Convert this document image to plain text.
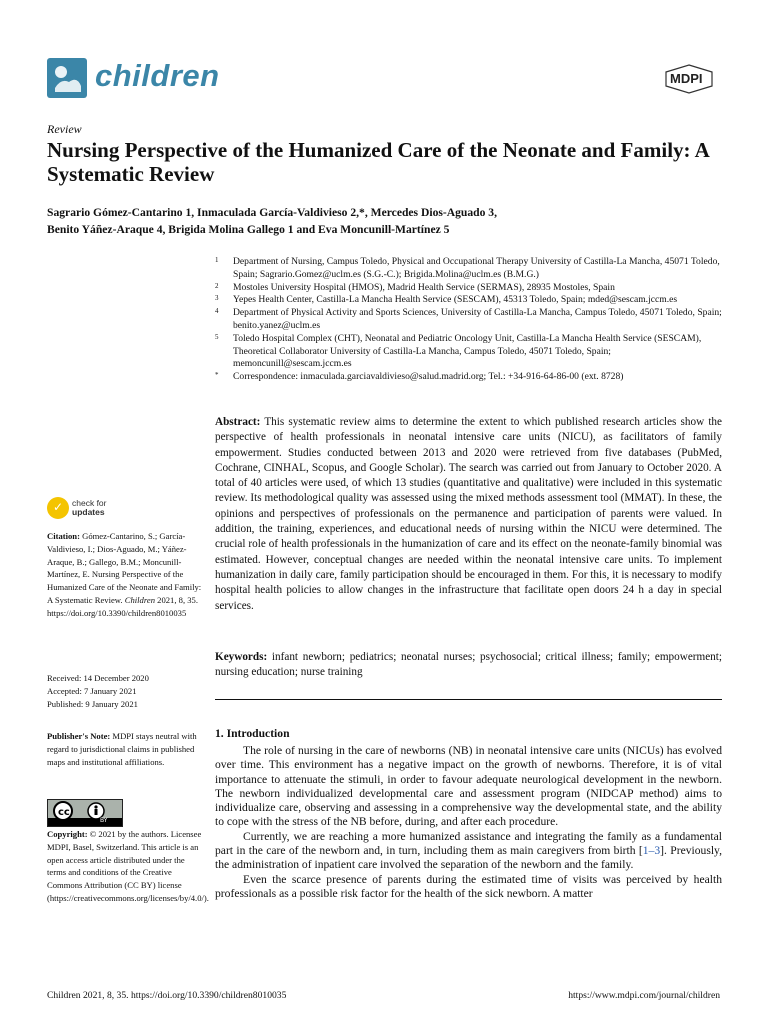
children	MDPI
Review
Nursing Perspective of the Humanized Care of the Neonate and Family: A Systematic Review
Sagrario Gómez-Cantarino 1, Inmaculada García-Valdivieso 2,*, Mercedes Dios-Aguado 3,
Benito Yáñez-Araque 4, Brigida Molina Gallego 1 and Eva Moncunill-Martínez 5
1 Department of Nursing, Campus Toledo, Physical and Occupational Therapy University of Castilla-La Mancha, 45071 Toledo, Spain; Sagrario.Gomez@uclm.es (S.G.-C.); Brigida.Molina@uclm.es (B.M.G.)
2 Mostoles University Hospital (HMOS), Madrid Health Service (SERMAS), 28935 Mostoles, Spain
3 Yepes Health Center, Castilla-La Mancha Health Service (SESCAM), 45313 Toledo, Spain; mded@sescam.jccm.es
4 Department of Physical Activity and Sports Sciences, University of Castilla-La Mancha, Campus Toledo, 45071 Toledo, Spain; benito.yanez@uclm.es
5 Toledo Hospital Complex (CHT), Neonatal and Pediatric Oncology Unit, Castilla-La Mancha Health Service (SESCAM), Theoretical Collaborator University of Castilla-La Mancha, Campus Toledo, 45071 Toledo, Spain; memoncunill@sescam.jccm.es
* Correspondence: inmaculada.garciavaldivieso@salud.madrid.org; Tel.: +34-916-64-86-00 (ext. 8728)
Abstract: This systematic review aims to determine the extent to which published research articles show the perspective of health professionals in neonatal intensive care units (NICU), as facilitators of family empowerment. Studies conducted between 2013 and 2020 were retrieved from five databases (PubMed, Cochrane, CINHAL, Scopus, and Google Scholar). The search was carried out from January to October 2020. A total of 40 articles were used, of which 13 studies (quantitative and qualitative) were included in this systematic review. Its methodological quality was assessed using the mixed methods assessment tool (MMAT). In these, the opinions and perspectives of professionals on the permanence and participation of parents were valued. In addition, the training, experiences, and educational needs of nursing within the NICU were determined. The crucial role of health professionals in the humanization of care and its effect on the neonate-family binomial was estimated. However, conceptual changes are needed within the neonatal intensive care units. To implement humanization in daily care, family participation should be encouraged in them. For this, it is necessary to modify hospital health policies to allow changes in the infrastructure that facilitate open doors 24 h a day in special services.
Keywords: infant newborn; pediatrics; neonatal nurses; psychosocial; critical illness; family; empowerment; nursing education; nurse training
1. Introduction

The role of nursing in the care of newborns (NB) in neonatal intensive care units (NICUs) has evolved over time. This environment has a negative impact on the growth of newborns. Therefore, it is of vital importance to attenuate the stimuli, in order to favour adequate neurological development in the newborn. The newborn individualized developmental care and assessment program (NIDCAP method) aims to individualize care, observing and assessing in a comprehensive way the developmental state, and the ability to cope with the stress of the NB before, during, and after each procedure.

Currently, we are reaching a more humanized assistance and integrating the family as a fundamental part in the care of the newborn and, in turn, including them as main caregivers from birth [1–3]. Previously, the administration of inpatient care involved the separation of the newborn and the family.

Even the scarce presence of parents during the estimated time of visits was perceived by health professionals as a possible risk factor for the health of the sick newborn. A matter

✓ check for
updates
Citation: Gómez-Cantarino, S.; García-Valdivieso, I.; Dios-Aguado, M.; Yáñez-Araque, B.; Gallego, B.M.; Moncunill-Martínez, E. Nursing Perspective of the Humanized Care of the Neonate and Family: A Systematic Review. Children 2021, 8, 35. https://doi.org/10.3390/children8010035
Received: 14 December 2020
Accepted: 7 January 2021
Published: 9 January 2021
Publisher's Note: MDPI stays neutral with regard to jurisdictional claims in published maps and institutional affiliations.
cc
BY
Copyright: © 2021 by the authors. Licensee MDPI, Basel, Switzerland. This article is an open access article distributed under the terms and conditions of the Creative Commons Attribution (CC BY) license (https://creativecommons.org/licenses/by/4.0/).
Children 2021, 8, 35. https://doi.org/10.3390/children8010035	https://www.mdpi.com/journal/children
